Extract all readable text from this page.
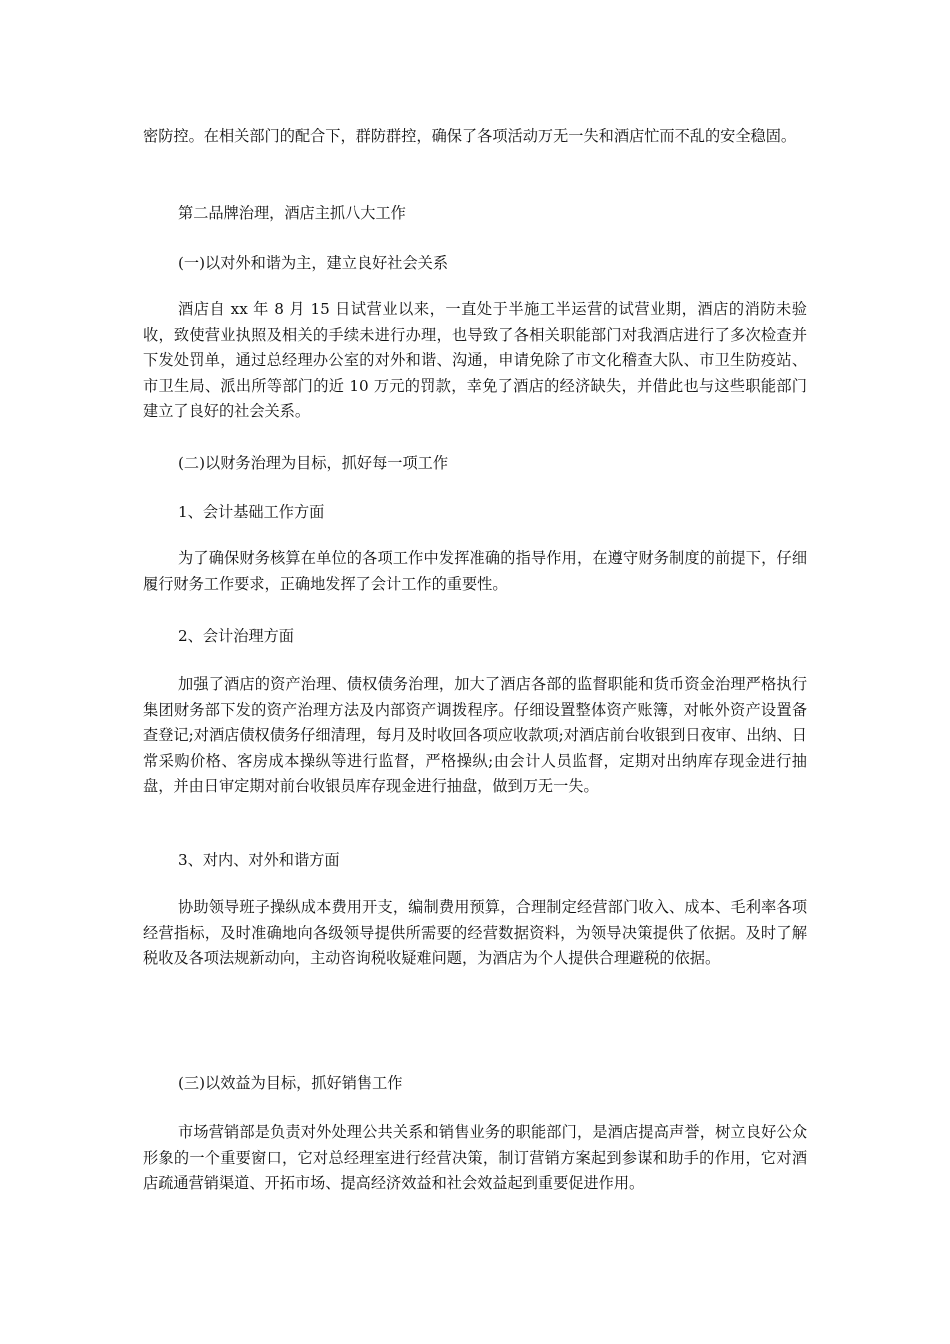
密防控。在相关部门的配合下，群防群控，确保了各项活动万无一失和酒店忙而不乱的安全稳固。

第二品牌治理，酒店主抓八大工作

(一)以对外和谐为主，建立良好社会关系

酒店自 xx 年 8 月 15 日试营业以来，一直处于半施工半运营的试营业期，酒店的消防未验收，致使营业执照及相关的手续未进行办理，也导致了各相关职能部门对我酒店进行了多次检查并下发处罚单，通过总经理办公室的对外和谐、沟通，申请免除了市文化稽查大队、市卫生防疫站、市卫生局、派出所等部门的近 10 万元的罚款，幸免了酒店的经济缺失，并借此也与这些职能部门建立了良好的社会关系。

(二)以财务治理为目标，抓好每一项工作

1、会计基础工作方面

为了确保财务核算在单位的各项工作中发挥准确的指导作用，在遵守财务制度的前提下，仔细履行财务工作要求，正确地发挥了会计工作的重要性。

2、会计治理方面

加强了酒店的资产治理、债权债务治理，加大了酒店各部的监督职能和货币资金治理严格执行集团财务部下发的资产治理方法及内部资产调拨程序。仔细设置整体资产账簿，对帐外资产设置备查登记;对酒店债权债务仔细清理，每月及时收回各项应收款项;对酒店前台收银到日夜审、出纳、日常采购价格、客房成本操纵等进行监督，严格操纵;由会计人员监督，定期对出纳库存现金进行抽盘，并由日审定期对前台收银员库存现金进行抽盘，做到万无一失。

3、对内、对外和谐方面

协助领导班子操纵成本费用开支，编制费用预算，合理制定经营部门收入、成本、毛利率各项经营指标，及时准确地向各级领导提供所需要的经营数据资料，为领导决策提供了依据。及时了解税收及各项法规新动向，主动咨询税收疑难问题，为酒店为个人提供合理避税的依据。

(三)以效益为目标，抓好销售工作

市场营销部是负责对外处理公共关系和销售业务的职能部门，是酒店提高声誉，树立良好公众形象的一个重要窗口，它对总经理室进行经营决策，制订营销方案起到参谋和助手的作用，它对酒店疏通营销渠道、开拓市场、提高经济效益和社会效益起到重要促进作用。
